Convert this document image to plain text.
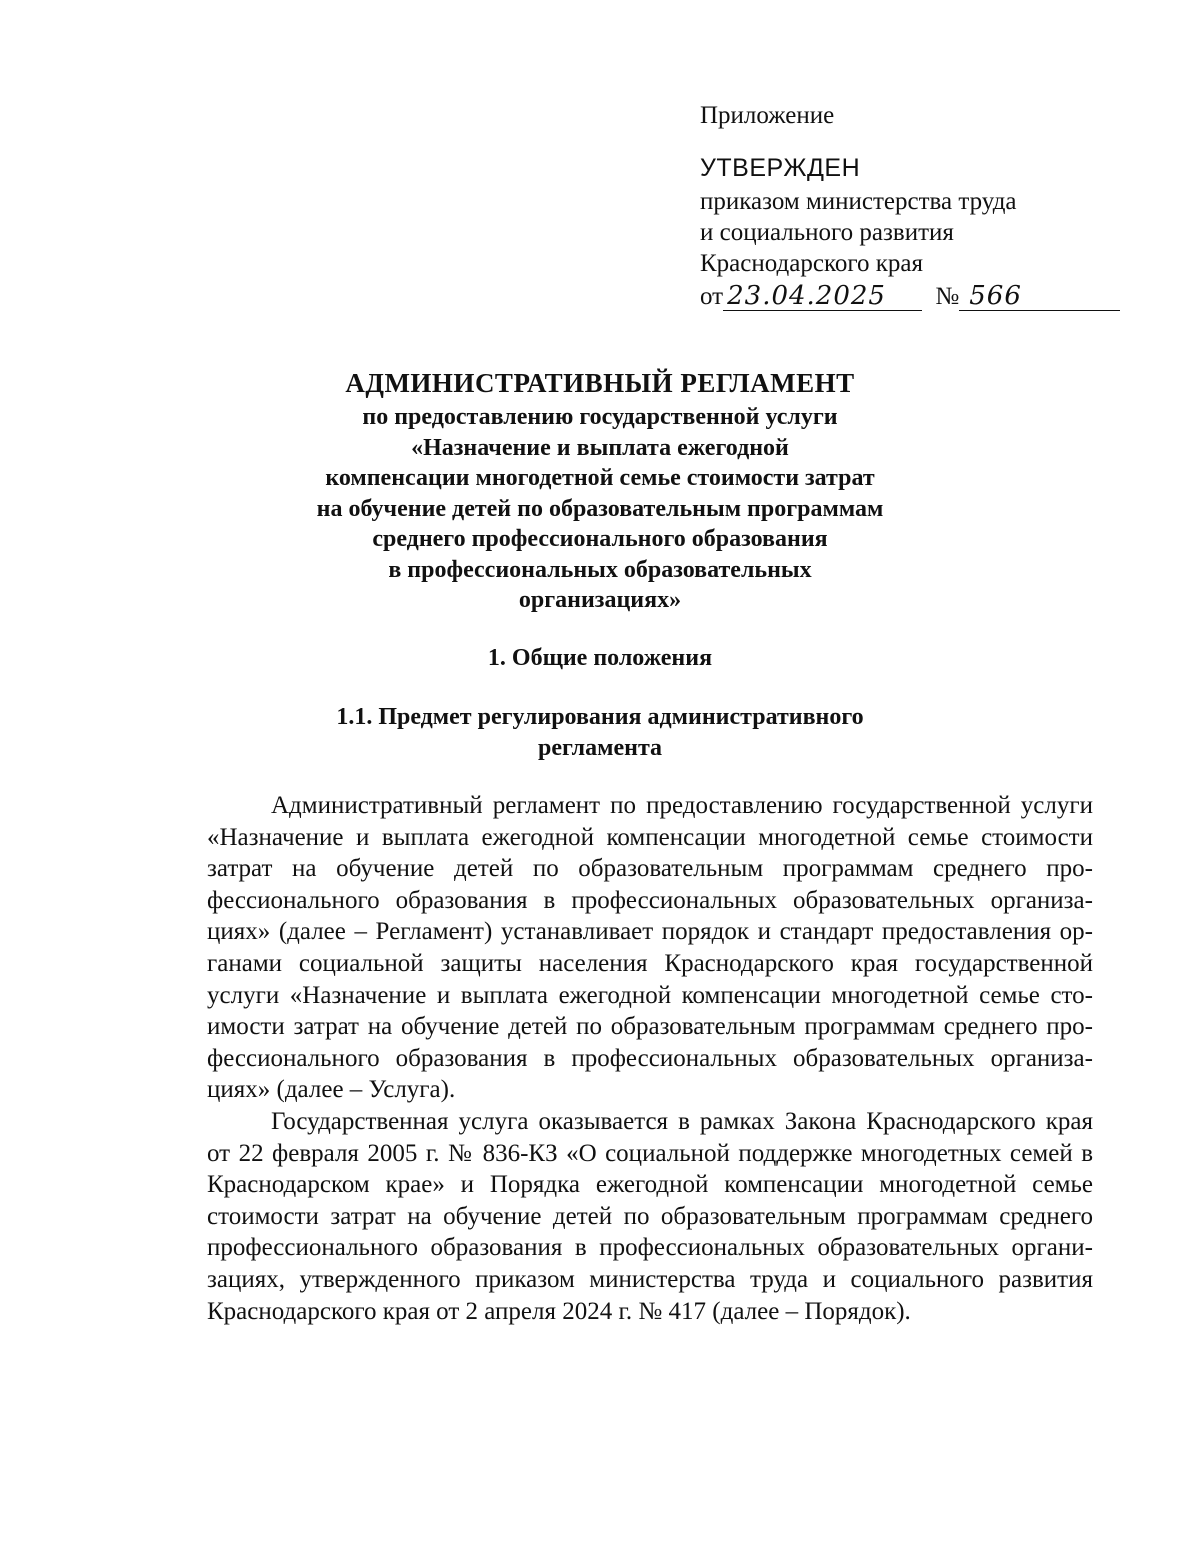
Приложение

УТВЕРЖДЕН

приказом министерства труда

и социального развития

Краснодарского края

от 23.04.2025	№ 566
АДМИНИСТРАТИВНЫЙ РЕГЛАМЕНТ
по предоставлению государственной услуги
«Назначение и выплата ежегодной
компенсации многодетной семье стоимости затрат
на обучение детей по образовательным программам
среднего профессионального образования
в профессиональных образовательных
организациях»
1. Общие положения
1.1. Предмет регулирования административного
регламента

Административный регламент по предоставлению государственной услуги «Назначение и выплата ежегодной компенсации многодетной семье стоимости затрат на обучение детей по образовательным программам среднего профессионального образования в профессиональных образовательных организациях» (далее – Регламент) устанавливает порядок и стандарт предоставления органами социальной защиты населения Краснодарского края государственной услуги «Назначение и выплата ежегодной компенсации многодетной семье стоимости затрат на обучение детей по образовательным программам среднего профессионального образования в профессиональных образовательных организациях» (далее – Услуга).

Государственная услуга оказывается в рамках Закона Краснодарского края от 22 февраля 2005 г. № 836-КЗ «О социальной поддержке многодетных семей в Краснодарском крае» и Порядка ежегодной компенсации многодетной семье стоимости затрат на обучение детей по образовательным программам среднего профессионального образования в профессиональных образовательных организациях, утвержденного приказом министерства труда и социального развития Краснодарского края от 2 апреля 2024 г. № 417 (далее – Порядок).
